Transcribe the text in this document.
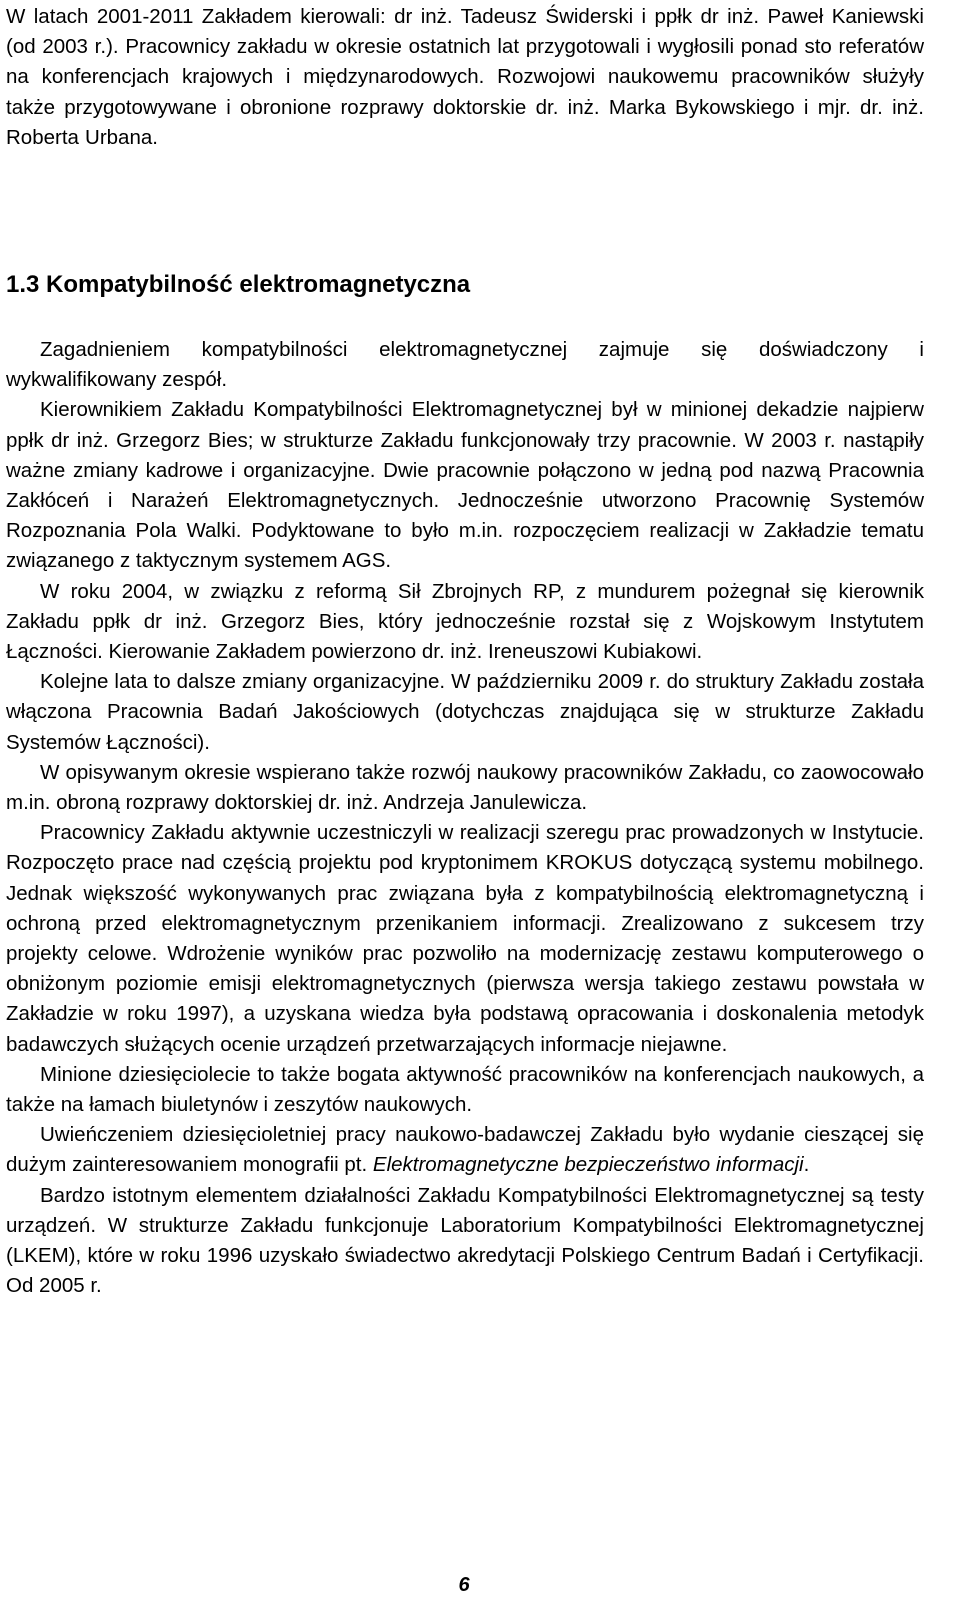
W latach 2001-2011 Zakładem kierowali: dr inż. Tadeusz Świderski i ppłk dr inż. Paweł Kaniewski (od 2003 r.). Pracownicy zakładu w okresie ostatnich lat przygotowali i wygłosili ponad sto referatów na konferencjach krajowych i międzynarodowych. Rozwojowi naukowemu pracowników służyły także przygotowywane i obronione rozprawy doktorskie dr. inż. Marka Bykowskiego i mjr. dr. inż. Roberta Urbana.

1.3 Kompatybilność elektromagnetyczna

Zagadnieniem kompatybilności elektromagnetycznej zajmuje się doświadczony i wykwalifikowany zespół.

Kierownikiem Zakładu Kompatybilności Elektromagnetycznej był w minionej dekadzie najpierw ppłk dr inż. Grzegorz Bies; w strukturze Zakładu funkcjonowały trzy pracownie. W 2003 r. nastąpiły ważne zmiany kadrowe i organizacyjne. Dwie pracownie połączono w jedną pod nazwą Pracownia Zakłóceń i Narażeń Elektromagnetycznych. Jednocześnie utworzono Pracownię Systemów Rozpoznania Pola Walki. Podyktowane to było m.in. rozpoczęciem realizacji w Zakładzie tematu związanego z taktycznym systemem AGS.

W roku 2004, w związku z reformą Sił Zbrojnych RP, z mundurem pożegnał się kierownik Zakładu ppłk dr inż. Grzegorz Bies, który jednocześnie rozstał się z Wojskowym Instytutem Łączności. Kierowanie Zakładem powierzono dr. inż. Ireneuszowi Kubiakowi.

Kolejne lata to dalsze zmiany organizacyjne. W październiku 2009 r. do struktury Zakładu została włączona Pracownia Badań Jakościowych (dotychczas znajdująca się w strukturze Zakładu Systemów Łączności).

W opisywanym okresie wspierano także rozwój naukowy pracowników Zakładu, co zaowocowało m.in. obroną rozprawy doktorskiej dr. inż. Andrzeja Janulewicza.

Pracownicy Zakładu aktywnie uczestniczyli w realizacji szeregu prac prowadzonych w Instytucie. Rozpoczęto prace nad częścią projektu pod kryptonimem KROKUS dotyczącą systemu mobilnego. Jednak większość wykonywanych prac związana była z kompatybilnością elektromagnetyczną i ochroną przed elektromagnetycznym przenikaniem informacji. Zrealizowano z sukcesem trzy projekty celowe. Wdrożenie wyników prac pozwoliło na modernizację zestawu komputerowego o obniżonym poziomie emisji elektromagnetycznych (pierwsza wersja takiego zestawu powstała w Zakładzie w roku 1997), a uzyskana wiedza była podstawą opracowania i doskonalenia metodyk badawczych służących ocenie urządzeń przetwarzających informacje niejawne.

Minione dziesięciolecie to także bogata aktywność pracowników na konferencjach naukowych, a także na łamach biuletynów i zeszytów naukowych.

Uwieńczeniem dziesięcioletniej pracy naukowo-badawczej Zakładu było wydanie cieszącej się dużym zainteresowaniem monografii pt. Elektromagnetyczne bezpieczeństwo informacji.

Bardzo istotnym elementem działalności Zakładu Kompatybilności Elektromagnetycznej są testy urządzeń. W strukturze Zakładu funkcjonuje Laboratorium Kompatybilności Elektromagnetycznej (LKEM), które w roku 1996 uzyskało świadectwo akredytacji Polskiego Centrum Badań i Certyfikacji. Od 2005 r.

6
